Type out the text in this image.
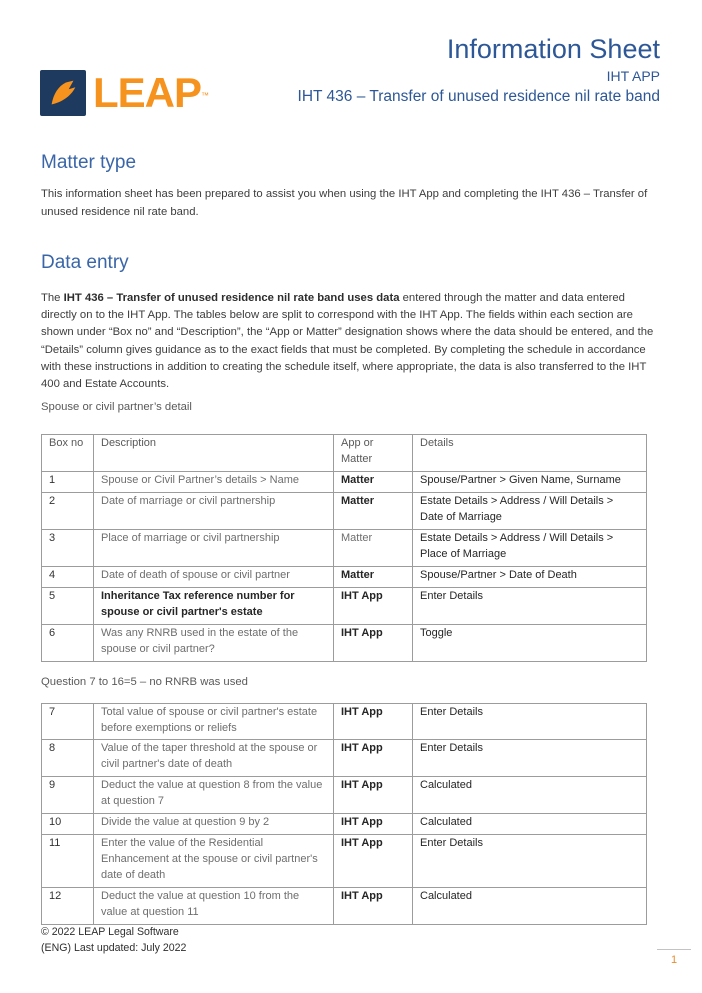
Information Sheet
IHT APP
IHT 436 – Transfer of unused residence nil rate band
LEAP™
Matter type

This information sheet has been prepared to assist you when using the IHT App and completing the IHT 436 – Transfer of unused residence nil rate band.

Data entry

The IHT 436 – Transfer of unused residence nil rate band uses data entered through the matter and data entered directly on to the IHT App. The tables below are split to correspond with the IHT App. The fields within each section are shown under “Box no” and “Description”, the “App or Matter” designation shows where the data should be entered, and the “Details” column gives guidance as to the exact fields that must be completed. By completing the schedule in accordance with these instructions in addition to creating the schedule itself, where appropriate, the data is also transferred to the IHT 400 and Estate Accounts.

Spouse or civil partner’s detail

Box no	Description	App or Matter	Details
1	Spouse or Civil Partner’s details > Name	Matter	Spouse/Partner > Given Name, Surname
2	Date of marriage or civil partnership	Matter	Estate Details > Address / Will Details > Date of Marriage
3	Place of marriage or civil partnership	Matter	Estate Details > Address / Will Details > Place of Marriage
4	Date of death of spouse or civil partner	Matter	Spouse/Partner > Date of Death
5	Inheritance Tax reference number for spouse or civil partner's estate	IHT App	Enter Details
6	Was any RNRB used in the estate of the spouse or civil partner?	IHT App	Toggle

Question 7 to 16=5 – no RNRB was used

7	Total value of spouse or civil partner's estate before exemptions or reliefs	IHT App	Enter Details
8	Value of the taper threshold at the spouse or civil partner's date of death	IHT App	Enter Details
9	Deduct the value at question 8 from the value at question 7	IHT App	Calculated
10	Divide the value at question 9 by 2	IHT App	Calculated
11	Enter the value of the Residential Enhancement at the spouse or civil partner's date of death	IHT App	Enter Details
12	Deduct the value at question 10 from the value at question 11	IHT App	Calculated
© 2022 LEAP Legal Software
(ENG) Last updated: July 2022
1
